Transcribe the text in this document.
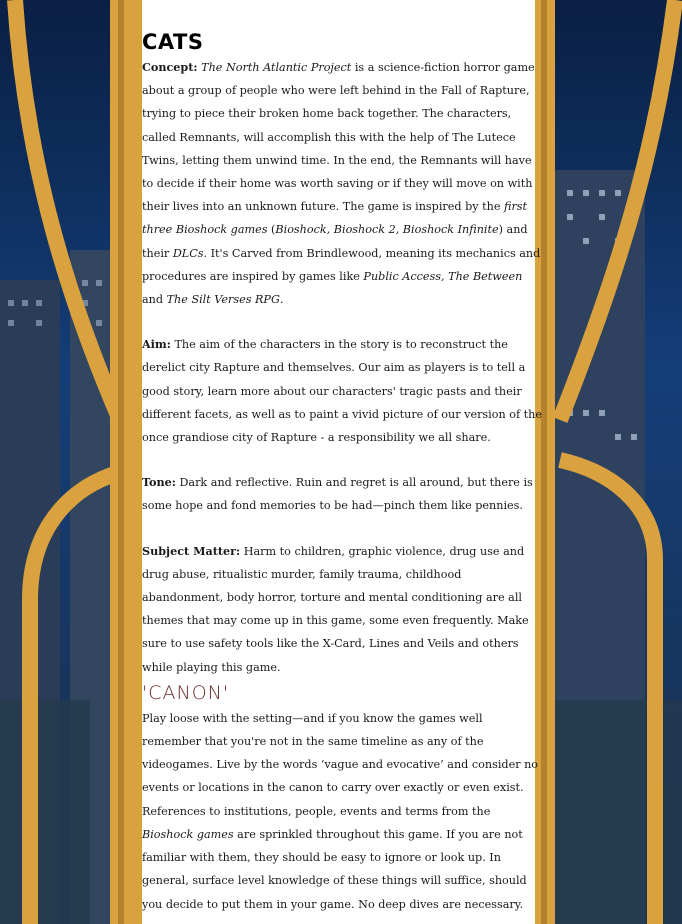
CATS

Concept: The North Atlantic Project is a science-fiction horror game about a group of people who were left behind in the Fall of Rapture, trying to piece their broken home back together. The characters, called Remnants, will accomplish this with the help of The Lutece Twins, letting them unwind time. In the end, the Remnants will have to decide if their home was worth saving or if they will move on with their lives into an unknown future. The game is inspired by the first three Bioshock games (Bioshock, Bioshock 2, Bioshock Infinite) and their DLCs. It's Carved from Brindlewood, meaning its mechanics and procedures are inspired by games like Public Access, The Between and The Silt Verses RPG.

Aim: The aim of the characters in the story is to reconstruct the derelict city Rapture and themselves. Our aim as players is to tell a good story, learn more about our characters' tragic pasts and their different facets, as well as to paint a vivid picture of our version of the once grandiose city of Rapture - a responsibility we all share.

Tone: Dark and reflective. Ruin and regret is all around, but there is some hope and fond memories to be had—pinch them like pennies.

Subject Matter: Harm to children, graphic violence, drug use and drug abuse, ritualistic murder, family trauma, childhood abandonment, body horror, torture and mental conditioning are all themes that may come up in this game, some even frequently. Make sure to use safety tools like the X-Card, Lines and Veils and others while playing this game.

'CANON'

Play loose with the setting—and if you know the games well remember that you're not in the same timeline as any of the videogames. Live by the words ‘vague and evocative’ and consider no events or locations in the canon to carry over exactly or even exist.

References to institutions, people, events and terms from the Bioshock games are sprinkled throughout this game. If you are not familiar with them, they should be easy to ignore or look up. In general, surface level knowledge of these things will suffice, should you decide to put them in your game. No deep dives are necessary.
